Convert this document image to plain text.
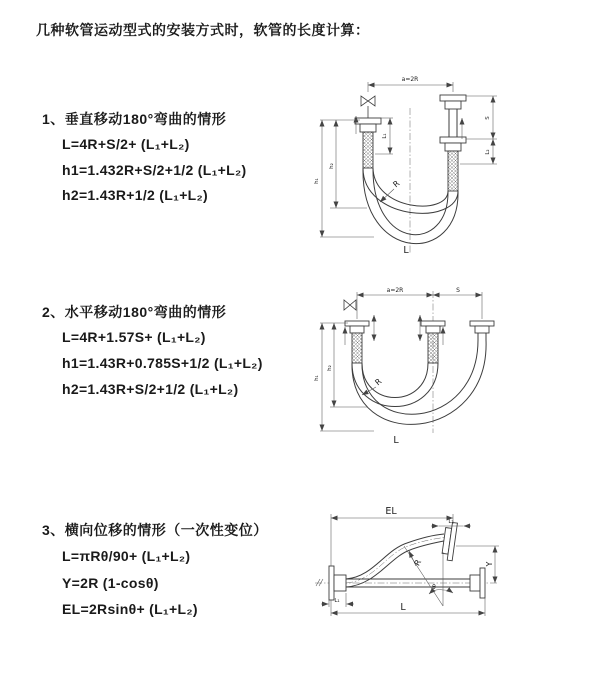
几种软管运动型式的安装方式时，软管的长度计算：
1、垂直移动180°弯曲的情形
L=4R+S/2+ (L₁+L₂)
h1=1.432R+S/2+1/2 (L₁+L₂)
h2=1.43R+1/2 (L₁+L₂)
2、水平移动180°弯曲的情形
L=4R+1.57S+ (L₁+L₂)
h1=1.43R+0.785S+1/2 (L₁+L₂)
h2=1.43R+S/2+1/2 (L₁+L₂)
3、横向位移的情形（一次性变位）
L=πRθ/90+ (L₁+L₂)
Y=2R (1-cosθ)
EL=2Rsinθ+ (L₁+L₂)
a=2R
h₁
h₂
L₁
S
L₂
R
L
a=2R	S
h₁
h₂
R
L
EL
L₂
Y
θ
R
L₁
L
